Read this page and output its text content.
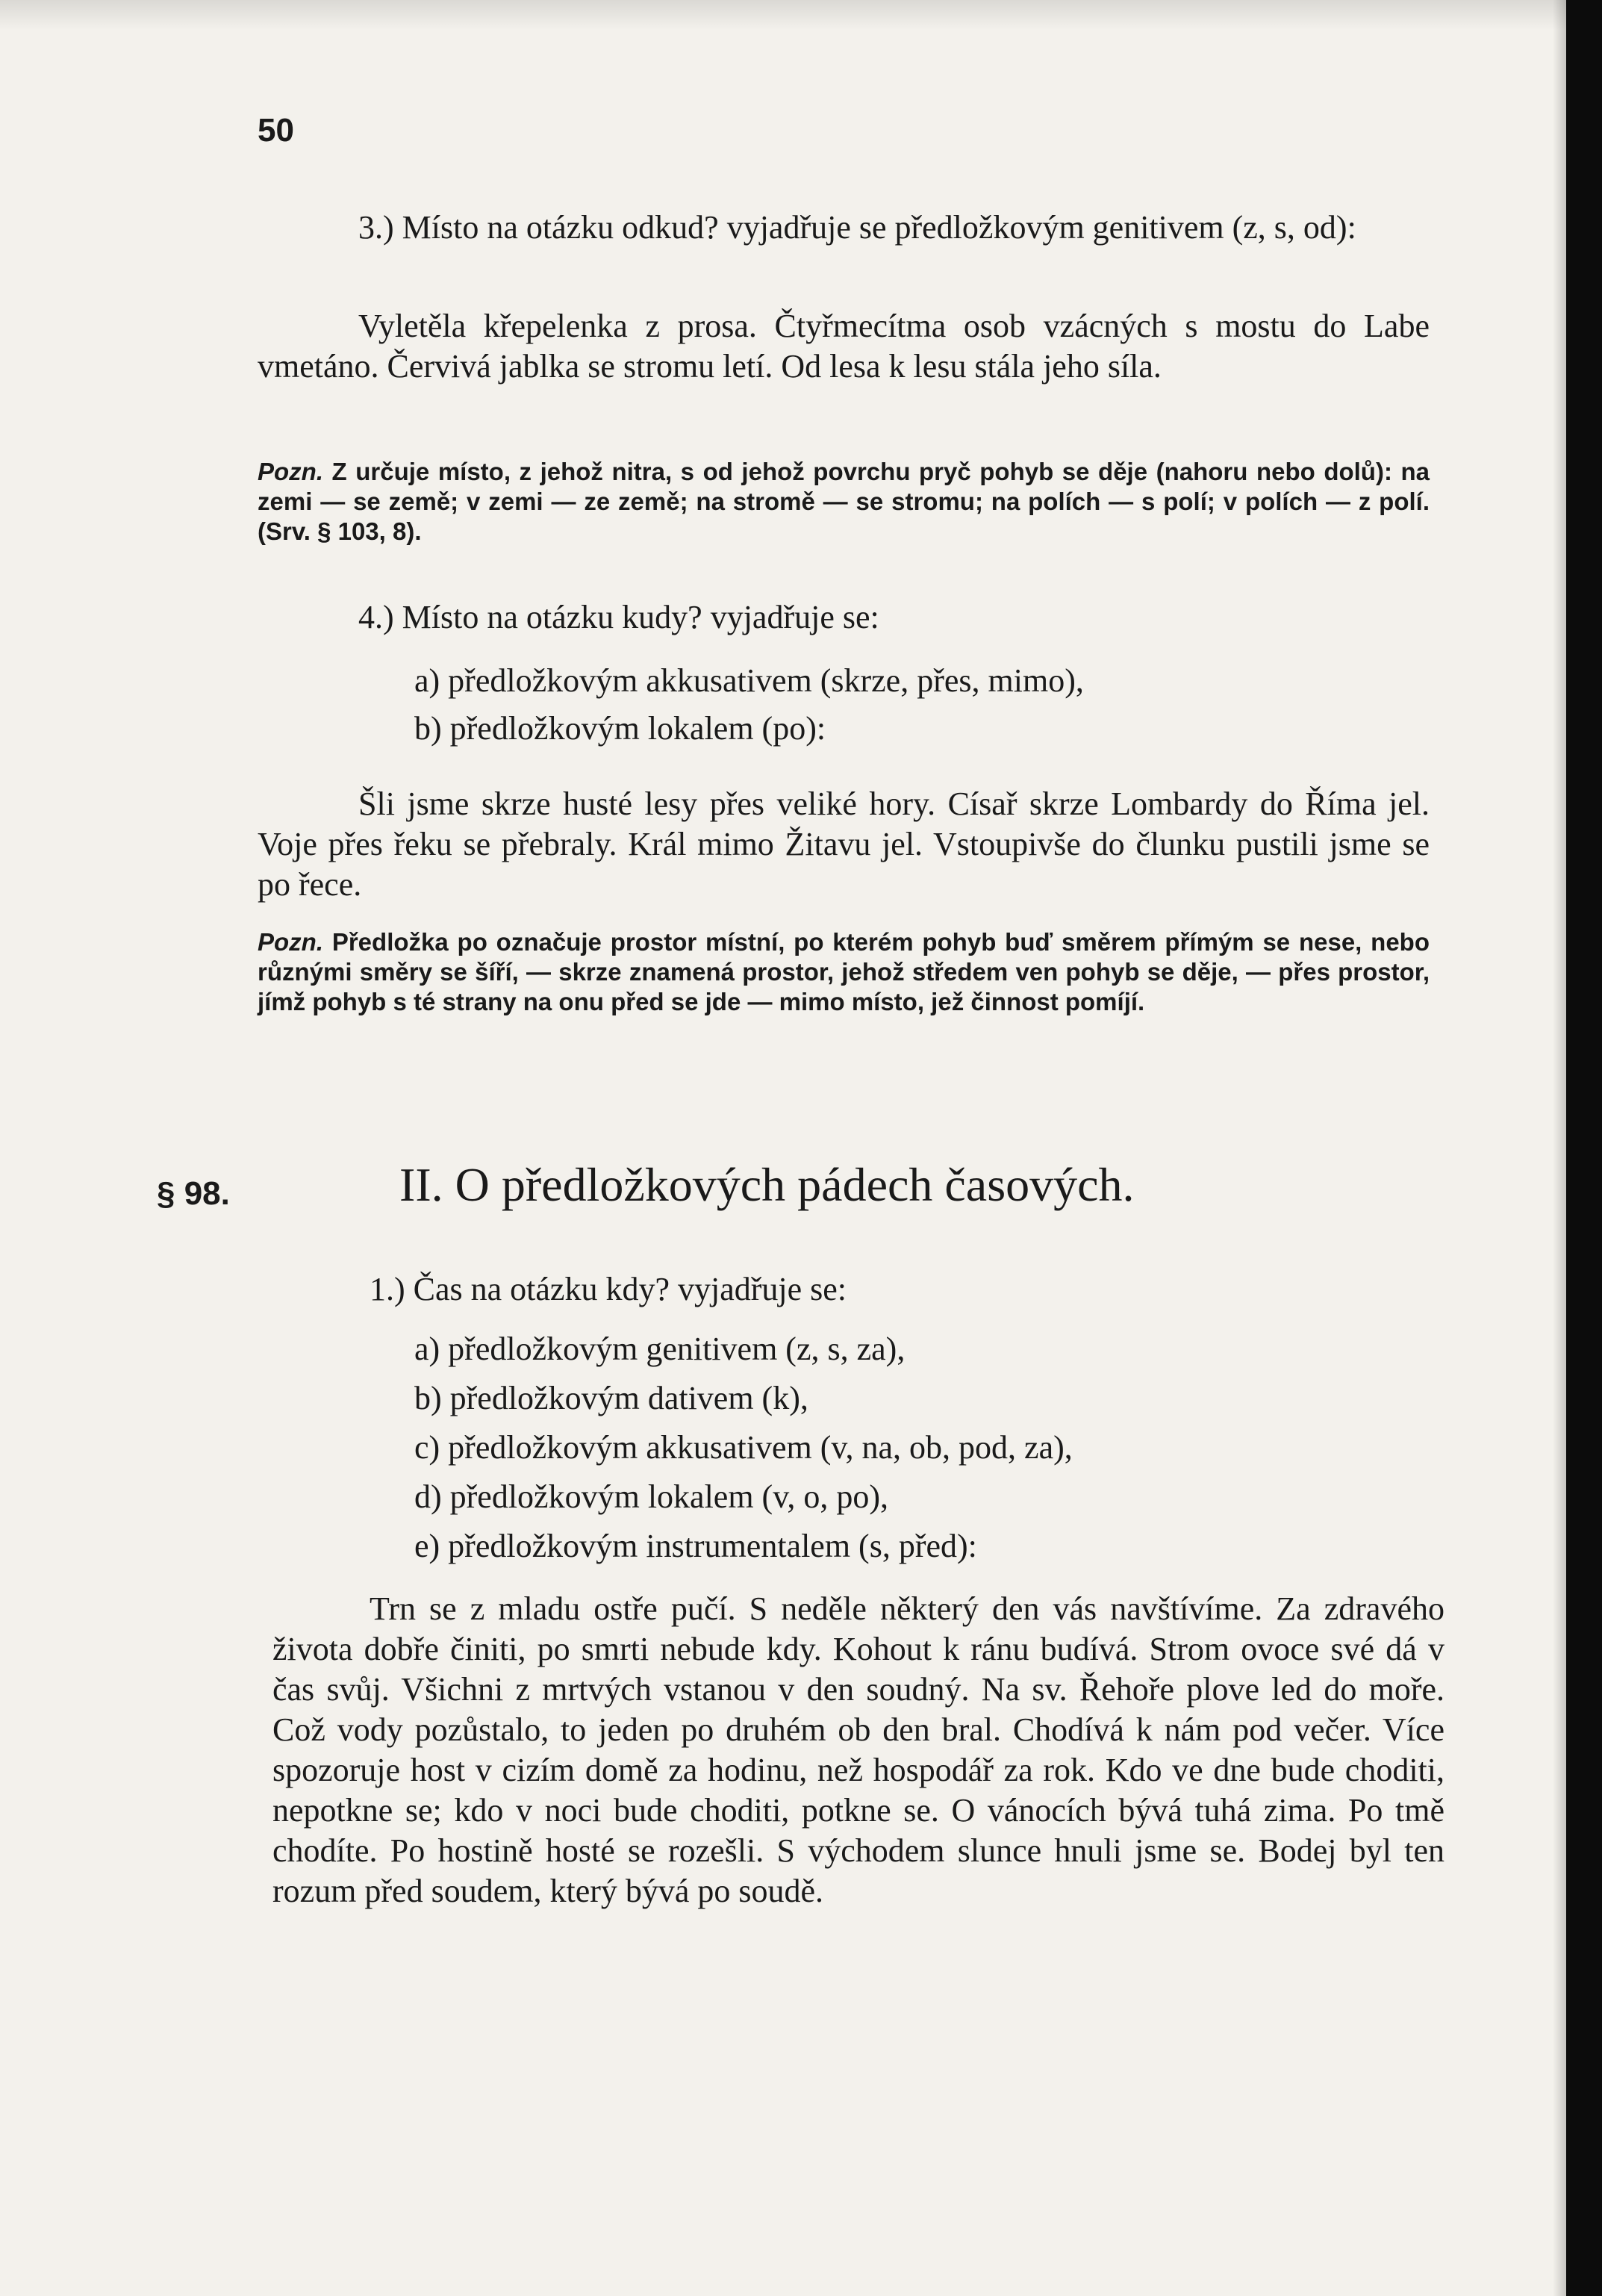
50

3.) Místo na otázku odkud? vyjadřuje se předložkovým genitivem (z, s, od):

Vyletěla křepelenka z prosa. Čtyřmecítma osob vzácných s mostu do Labe vmetáno. Červivá jablka se stromu letí. Od lesa k lesu stála jeho síla.

Pozn. Z určuje místo, z jehož nitra, s od jehož povrchu pryč pohyb se děje (nahoru nebo dolů): na zemi — se země; v zemi — ze země; na stromě — se stromu; na polích — s polí; v polích — z polí. (Srv. § 103, 8).

4.) Místo na otázku kudy? vyjadřuje se:

a) předložkovým akkusativem (skrze, přes, mimo),

b) předložkovým lokalem (po):

Šli jsme skrze husté lesy přes veliké hory. Císař skrze Lombardy do Říma jel. Voje přes řeku se přebraly. Král mimo Žitavu jel. Vstoupivše do člunku pustili jsme se po řece.

Pozn. Předložka po označuje prostor místní, po kterém pohyb buď směrem přímým se nese, nebo různými směry se šíří, — skrze znamená prostor, jehož středem ven pohyb se děje, — přes prostor, jímž pohyb s té strany na onu před se jde — mimo místo, jež činnost pomíjí.

§ 98.	II. O předložkových pádech časových.

1.) Čas na otázku kdy? vyjadřuje se:

a) předložkovým genitivem (z, s, za),

b) předložkovým dativem (k),

c) předložkovým akkusativem (v, na, ob, pod, za),

d) předložkovým lokalem (v, o, po),

e) předložkovým instrumentalem (s, před):

Trn se z mladu ostře pučí. S neděle některý den vás navštívíme. Za zdravého života dobře činiti, po smrti nebude kdy. Kohout k ránu budívá. Strom ovoce své dá v čas svůj. Všichni z mrtvých vstanou v den soudný. Na sv. Řehoře plove led do moře. Což vody pozůstalo, to jeden po druhém ob den bral. Chodívá k nám pod večer. Více spozoruje host v cizím domě za hodinu, než hospodář za rok. Kdo ve dne bude choditi, nepotkne se; kdo v noci bude choditi, potkne se. O vánocích bývá tuhá zima. Po tmě chodíte. Po hostině hosté se rozešli. S východem slunce hnuli jsme se. Bodej byl ten rozum před soudem, který bývá po soudě.
